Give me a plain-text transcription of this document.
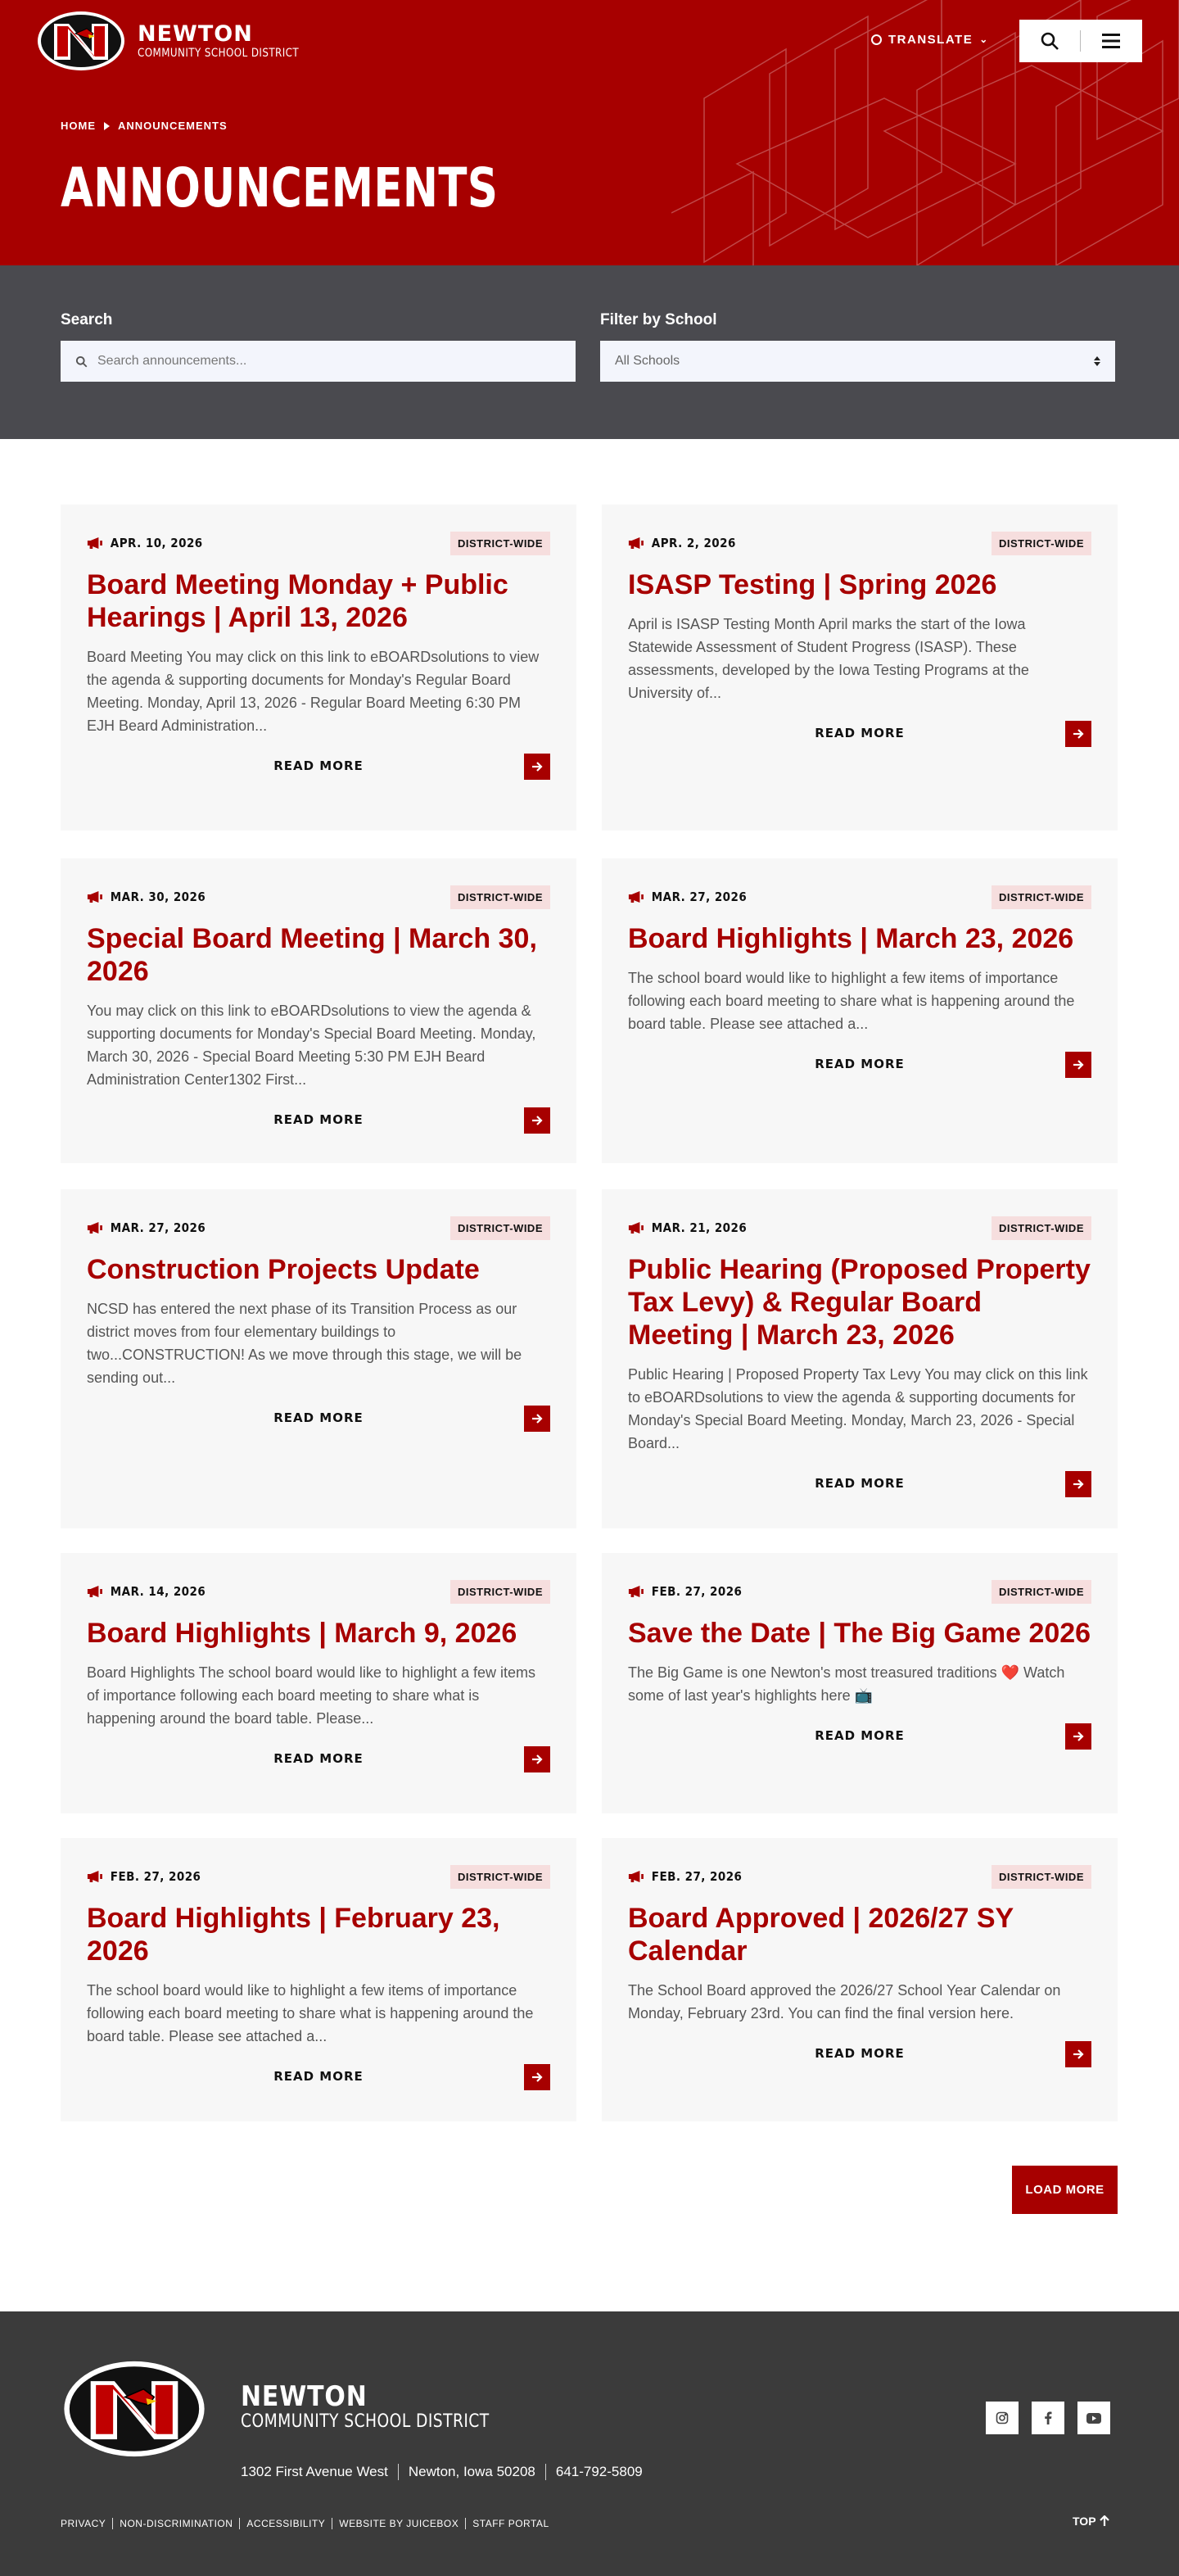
NEWTON
COMMUNITY SCHOOL DISTRICT
TRANSLATE ⌄
HOME ANNOUNCEMENTS
ANNOUNCEMENTS
Search
Search announcements...
Filter by School
All Schools
APR. 10, 2026	DISTRICT-WIDE
Board Meeting Monday + Public Hearings | April 13, 2026

Board Meeting You may click on this link to eBOARDsolutions to view the agenda & supporting documents for Monday's Regular Board Meeting. Monday, April 13, 2026 - Regular Board Meeting 6:30 PM EJH Beard Administration...

READ MORE
APR. 2, 2026	DISTRICT-WIDE
ISASP Testing | Spring 2026

April is ISASP Testing Month April marks the start of the Iowa Statewide Assessment of Student Progress (ISASP). These assessments, developed by the Iowa Testing Programs at the University of...

READ MORE
MAR. 30, 2026	DISTRICT-WIDE
Special Board Meeting | March 30, 2026

You may click on this link to eBOARDsolutions to view the agenda & supporting documents for Monday's Special Board Meeting. Monday, March 30, 2026 - Special Board Meeting 5:30 PM EJH Beard Administration Center1302 First...

READ MORE
MAR. 27, 2026	DISTRICT-WIDE
Board Highlights | March 23, 2026

The school board would like to highlight a few items of importance following each board meeting to share what is happening around the board table. Please see attached a...

READ MORE
MAR. 27, 2026	DISTRICT-WIDE
Construction Projects Update

NCSD has entered the next phase of its Transition Process as our district moves from four elementary buildings to two...CONSTRUCTION! As we move through this stage, we will be sending out...

READ MORE
MAR. 21, 2026	DISTRICT-WIDE
Public Hearing (Proposed Property Tax Levy) & Regular Board Meeting | March 23, 2026

Public Hearing | Proposed Property Tax Levy You may click on this link to eBOARDsolutions to view the agenda & supporting documents for Monday's Special Board Meeting. Monday, March 23, 2026 - Special Board...

READ MORE
MAR. 14, 2026	DISTRICT-WIDE
Board Highlights | March 9, 2026

Board Highlights The school board would like to highlight a few items of importance following each board meeting to share what is happening around the board table. Please...

READ MORE
FEB. 27, 2026	DISTRICT-WIDE
Save the Date | The Big Game 2026

The Big Game is one Newton's most treasured traditions ❤️ Watch some of last year's highlights here 📺

READ MORE
FEB. 27, 2026	DISTRICT-WIDE
Board Highlights | February 23, 2026

The school board would like to highlight a few items of importance following each board meeting to share what is happening around the board table. Please see attached a...

READ MORE
FEB. 27, 2026	DISTRICT-WIDE
Board Approved | 2026/27 SY Calendar

The School Board approved the 2026/27 School Year Calendar on Monday, February 23rd. You can find the final version here.

READ MORE
LOAD MORE
NEWTON
COMMUNITY SCHOOL DISTRICT
1302 First Avenue West	Newton, Iowa 50208	641-792-5809
PRIVACY	NON-DISCRIMINATION	ACCESSIBILITY	WEBSITE BY JUICEBOX	STAFF PORTAL	TOP
